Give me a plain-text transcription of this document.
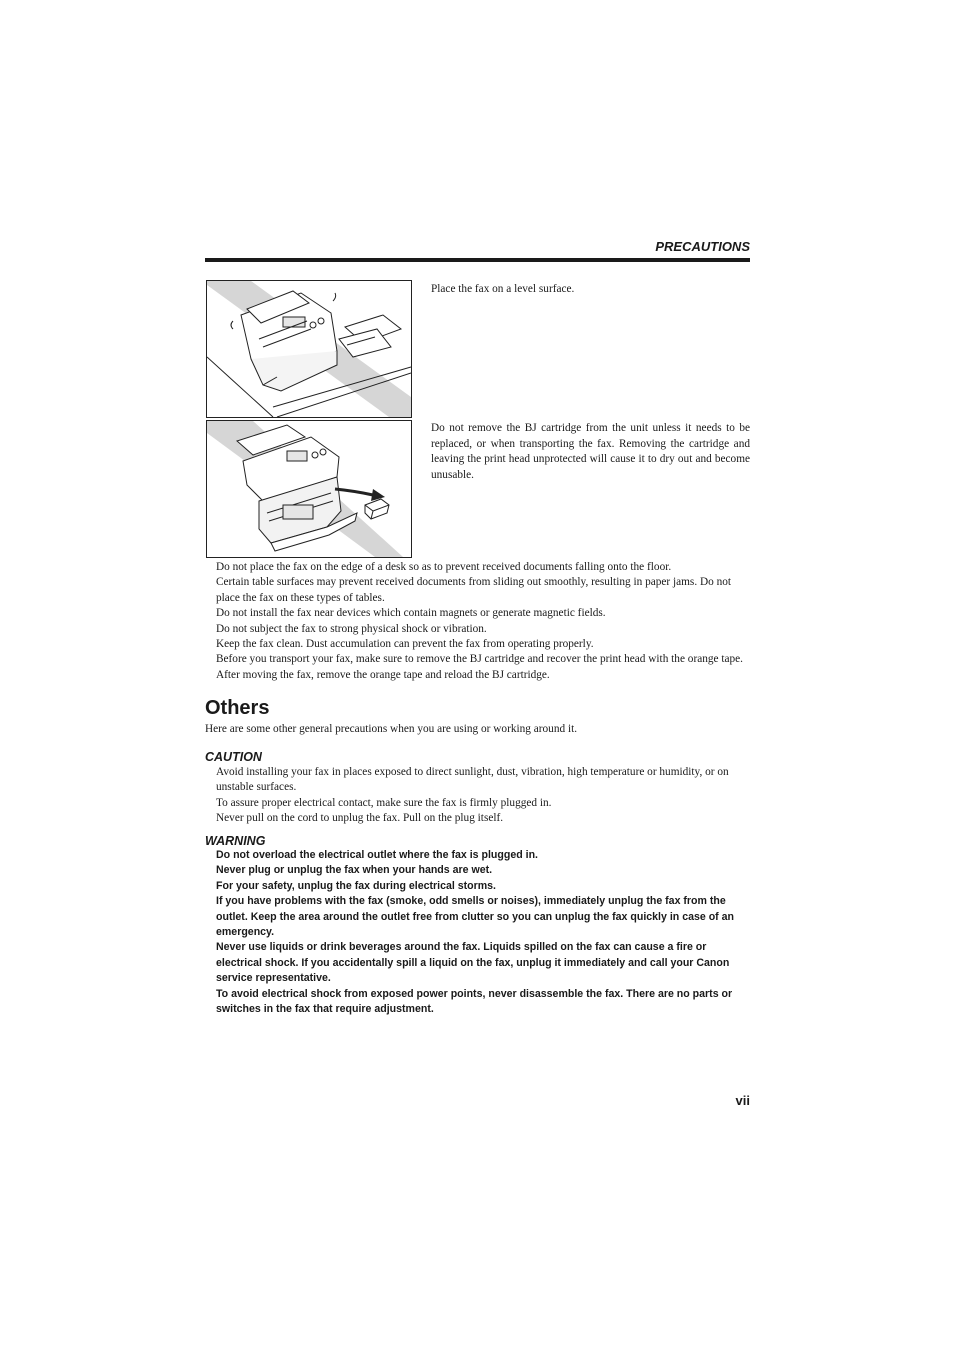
PRECAUTIONS
Place the fax on a level surface.
Do not remove the BJ cartridge from the unit unless it needs to be replaced, or when transporting the fax. Removing the cartridge and leaving the print head unprotected will cause it to dry out and become unusable.
Do not place the fax on the edge of a desk so as to prevent received documents falling onto the floor.
Certain table surfaces may prevent received documents from sliding out smoothly, resulting in paper jams. Do not place the fax on these types of tables.
Do not install the fax near devices which contain magnets or generate magnetic fields.
Do not subject the fax to strong physical shock or vibration.
Keep the fax clean. Dust accumulation can prevent the fax from operating properly.
Before you transport your fax, make sure to remove the BJ cartridge and recover the print head with the orange tape. After moving the fax, remove the orange tape and reload the BJ cartridge.
Others
Here are some other general precautions when you are using or working around it.
CAUTION
Avoid installing your fax in places exposed to direct sunlight, dust, vibration, high temperature or humidity, or on unstable surfaces.
To assure proper electrical contact, make sure the fax is firmly plugged in.
Never pull on the cord to unplug the fax. Pull on the plug itself.
WARNING
Do not overload the electrical outlet where the fax is plugged in.
Never plug or unplug the fax when your hands are wet.
For your safety, unplug the fax during electrical storms.
If you have problems with the fax (smoke, odd smells or noises), immediately unplug the fax from the outlet. Keep the area around the outlet free from clutter so you can unplug the fax quickly in case of an emergency.
Never use liquids or drink beverages around the fax. Liquids spilled on the fax can cause a fire or electrical shock. If you accidentally spill a liquid on the fax, unplug it immediately and call your Canon service representative.
To avoid electrical shock from exposed power points, never disassemble the fax. There are no parts or switches in the fax that require adjustment.
vii
